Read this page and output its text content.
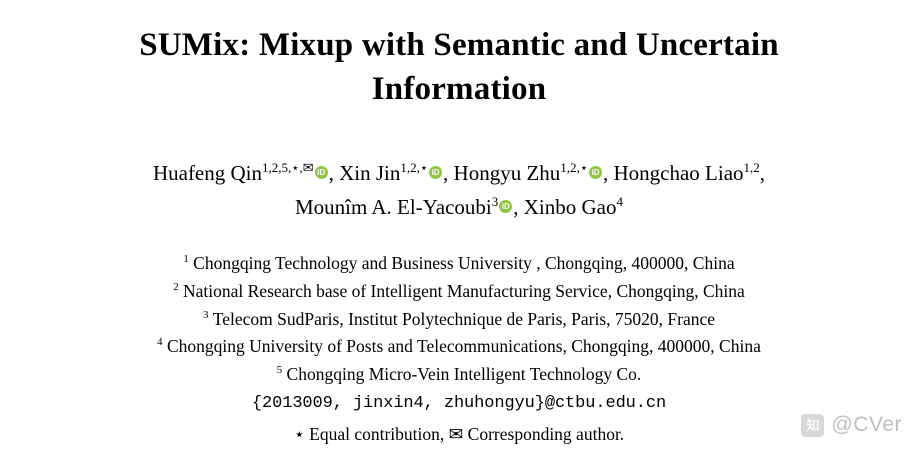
SUMix: Mixup with Semantic and Uncertain Information
Huafeng Qin$^{1,2,5,⋆,✉}$ iD , Xin Jin$^{1,2,⋆}$ iD , Hongyu Zhu$^{1,2,⋆}$ iD , Hongchao Liao$^{1,2}$,
Mounîm A. El-Yacoubi$^3$ iD , Xinbo Gao$^4$
$^1$ Chongqing Technology and Business University , Chongqing, 400000, China
$^2$ National Research base of Intelligent Manufacturing Service, Chongqing, China
$^3$ Telecom SudParis, Institut Polytechnique de Paris, Paris, 75020, France
$^4$ Chongqing University of Posts and Telecommunications, Chongqing, 400000, China
$^5$ Chongqing Micro-Vein Intelligent Technology Co.
{2013009, jinxin4, zhuhongyu}@ctbu.edu.cn
⋆ Equal contribution, ✉ Corresponding author.	知 @CVer
